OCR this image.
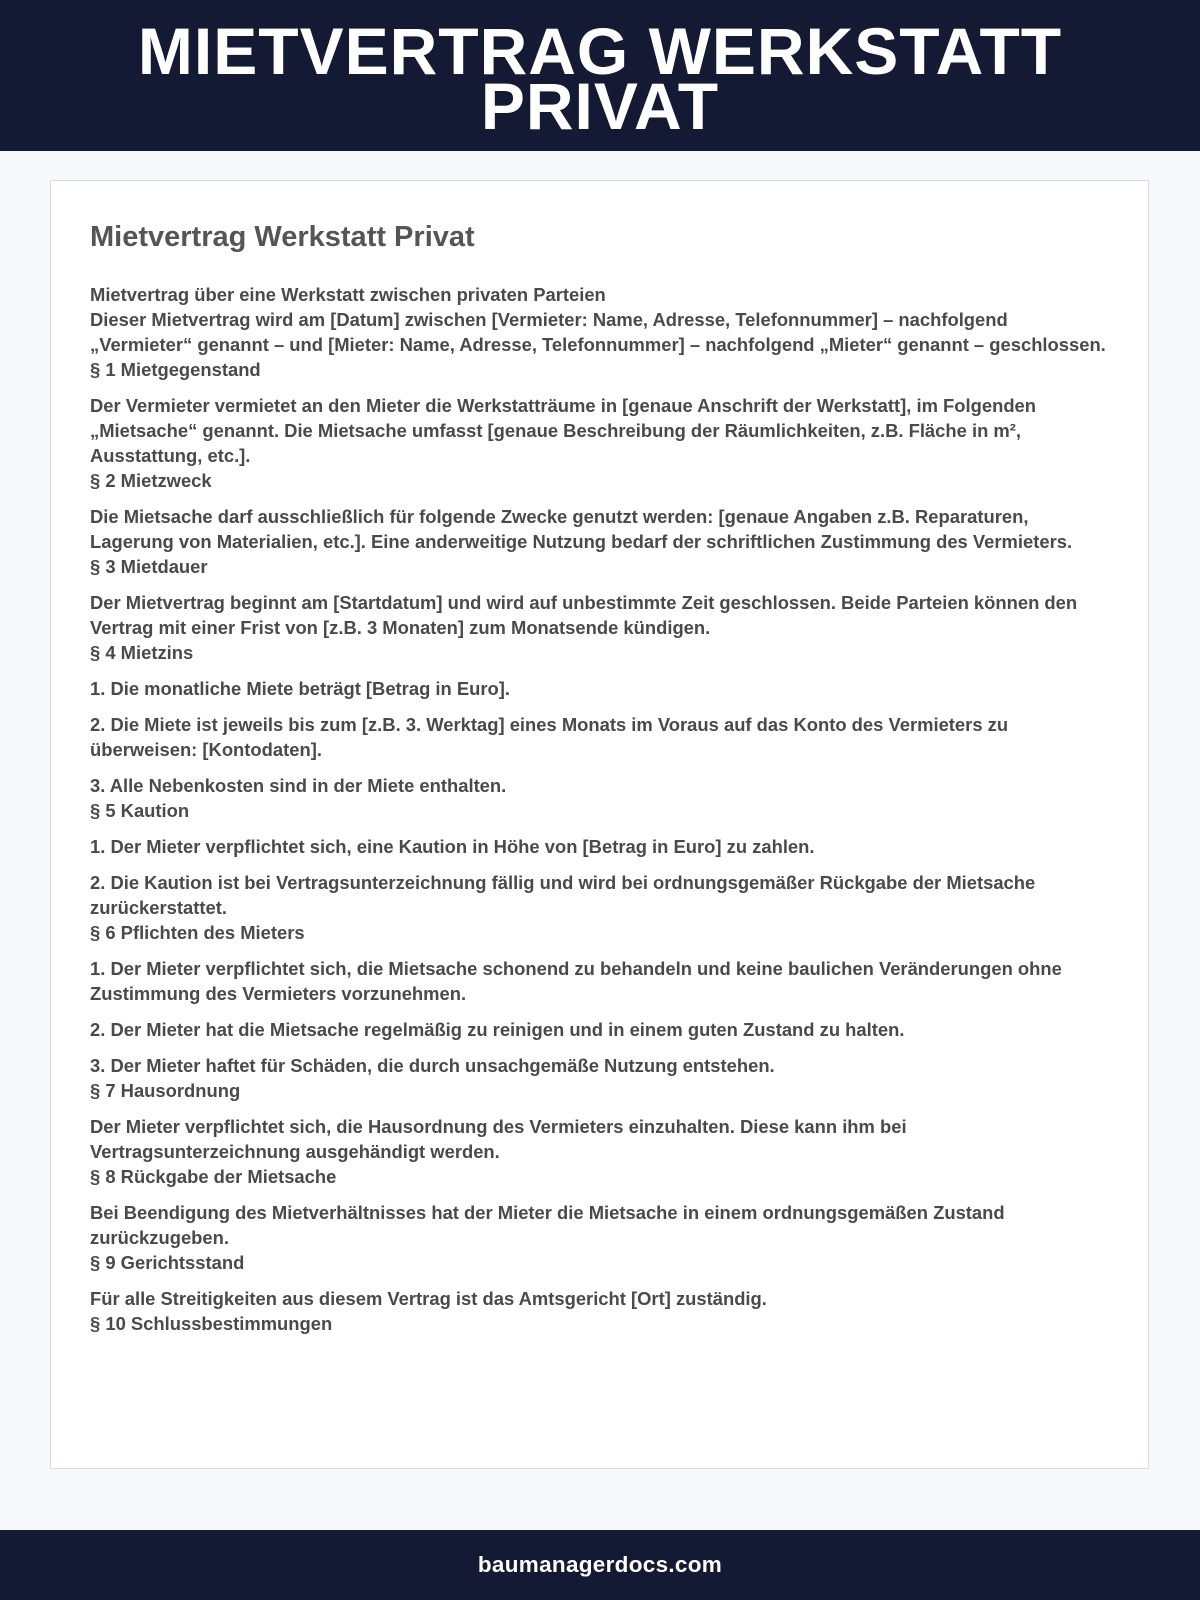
MIETVERTRAG WERKSTATT
PRIVAT
Mietvertrag Werkstatt Privat

Mietvertrag über eine Werkstatt zwischen privaten Parteien
Dieser Mietvertrag wird am [Datum] zwischen [Vermieter: Name, Adresse, Telefonnummer] – nachfolgend „Vermieter“ genannt – und [Mieter: Name, Adresse, Telefonnummer] – nachfolgend „Mieter“ genannt – geschlossen.
§ 1 Mietgegenstand

Der Vermieter vermietet an den Mieter die Werkstatträume in [genaue Anschrift der Werkstatt], im Folgenden „Mietsache“ genannt. Die Mietsache umfasst [genaue Beschreibung der Räumlichkeiten, z.B. Fläche in m², Ausstattung, etc.].
§ 2 Mietzweck

Die Mietsache darf ausschließlich für folgende Zwecke genutzt werden: [genaue Angaben z.B. Reparaturen, Lagerung von Materialien, etc.]. Eine anderweitige Nutzung bedarf der schriftlichen Zustimmung des Vermieters.
§ 3 Mietdauer

Der Mietvertrag beginnt am [Startdatum] und wird auf unbestimmte Zeit geschlossen. Beide Parteien können den Vertrag mit einer Frist von [z.B. 3 Monaten] zum Monatsende kündigen.
§ 4 Mietzins

1. Die monatliche Miete beträgt [Betrag in Euro].

2. Die Miete ist jeweils bis zum [z.B. 3. Werktag] eines Monats im Voraus auf das Konto des Vermieters zu überweisen: [Kontodaten].

3. Alle Nebenkosten sind in der Miete enthalten.
§ 5 Kaution

1. Der Mieter verpflichtet sich, eine Kaution in Höhe von [Betrag in Euro] zu zahlen.

2. Die Kaution ist bei Vertragsunterzeichnung fällig und wird bei ordnungsgemäßer Rückgabe der Mietsache zurückerstattet.
§ 6 Pflichten des Mieters

1. Der Mieter verpflichtet sich, die Mietsache schonend zu behandeln und keine baulichen Veränderungen ohne Zustimmung des Vermieters vorzunehmen.

2. Der Mieter hat die Mietsache regelmäßig zu reinigen und in einem guten Zustand zu halten.

3. Der Mieter haftet für Schäden, die durch unsachgemäße Nutzung entstehen.
§ 7 Hausordnung

Der Mieter verpflichtet sich, die Hausordnung des Vermieters einzuhalten. Diese kann ihm bei Vertragsunterzeichnung ausgehändigt werden.
§ 8 Rückgabe der Mietsache

Bei Beendigung des Mietverhältnisses hat der Mieter die Mietsache in einem ordnungsgemäßen Zustand zurückzugeben.
§ 9 Gerichtsstand

Für alle Streitigkeiten aus diesem Vertrag ist das Amtsgericht [Ort] zuständig.
§ 10 Schlussbestimmungen

baumanagerdocs.com
